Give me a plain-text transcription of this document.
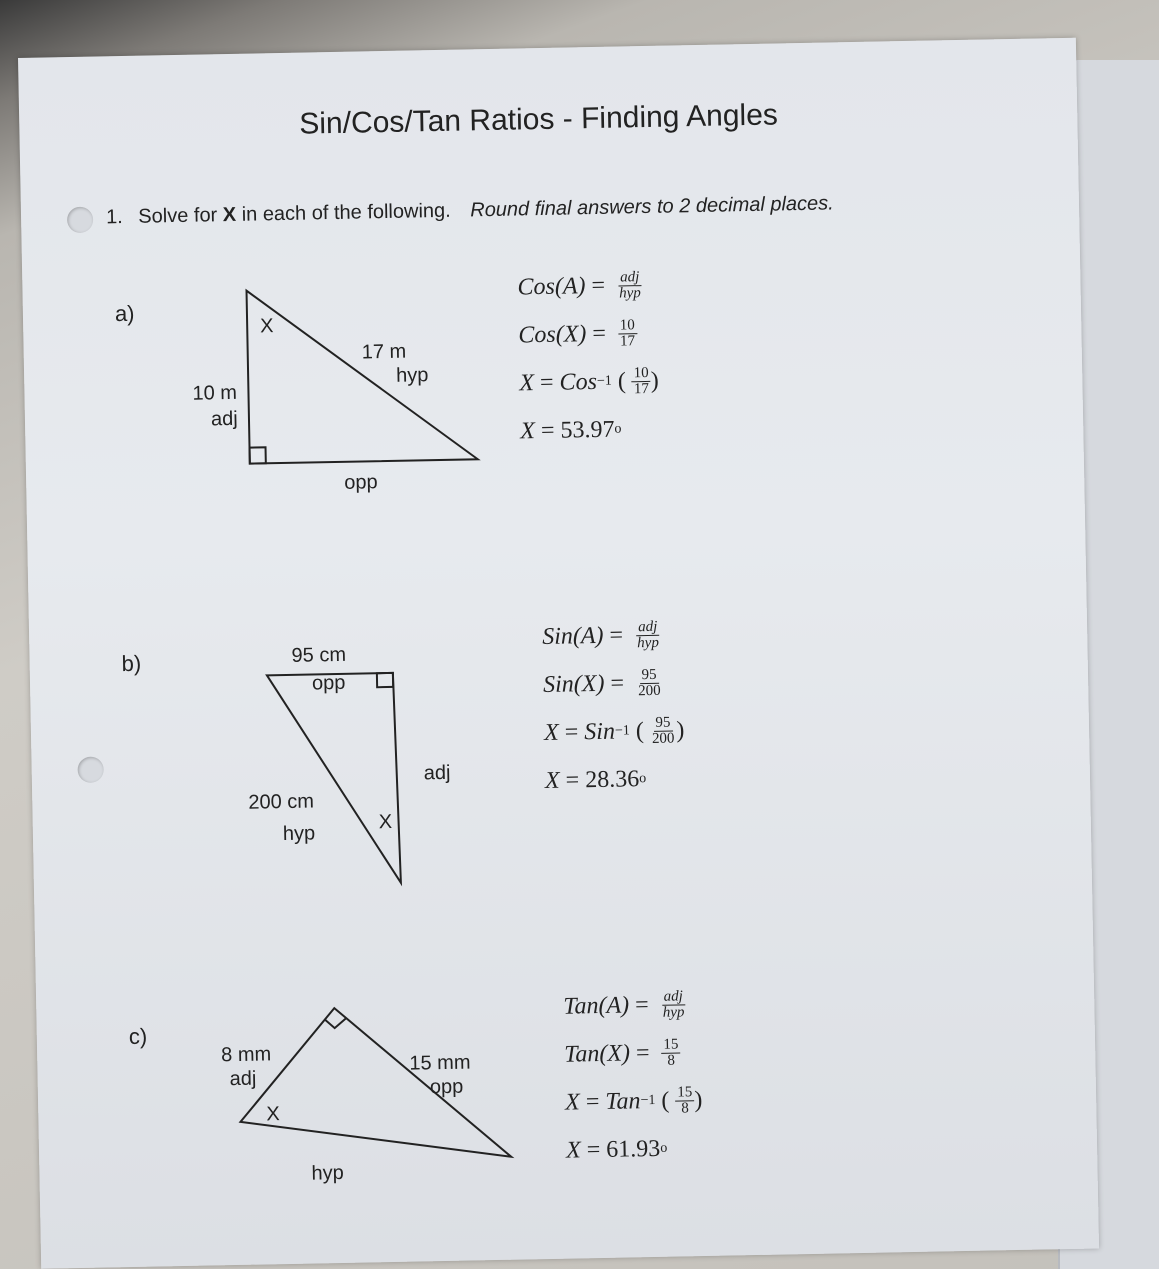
Sin/Cos/Tan Ratios - Finding Angles
1. Solve for X in each of the following. Round final answers to 2 decimal places.
a)
X
10 m
adj
17 m
hyp
opp
$Cos(A) = \frac{\text{adj}}{\text{hyp}}$
$Cos(X) = \frac{10}{17}$
X = Cos −1 ( $\frac{10}{17}$ )
X = 53.97 o
b)	95 cm
opp
adj
200 cm
hyp
X
$Sin(A) = \frac{\text{adj}}{\text{hyp}}$
$Sin(X) = \frac{95}{200}$
X = Sin −1 ( $\frac{95}{200}$ )
X = 28.36 o
c)
8 mm
adj
X
15 mm
opp
hyp
$Tan(A) = \frac{\text{adj}}{\text{hyp}}$
$Tan(X) = \frac{15}{8}$
X = Tan −1 ( $\frac{15}{8}$ )
X = 61.93 o
